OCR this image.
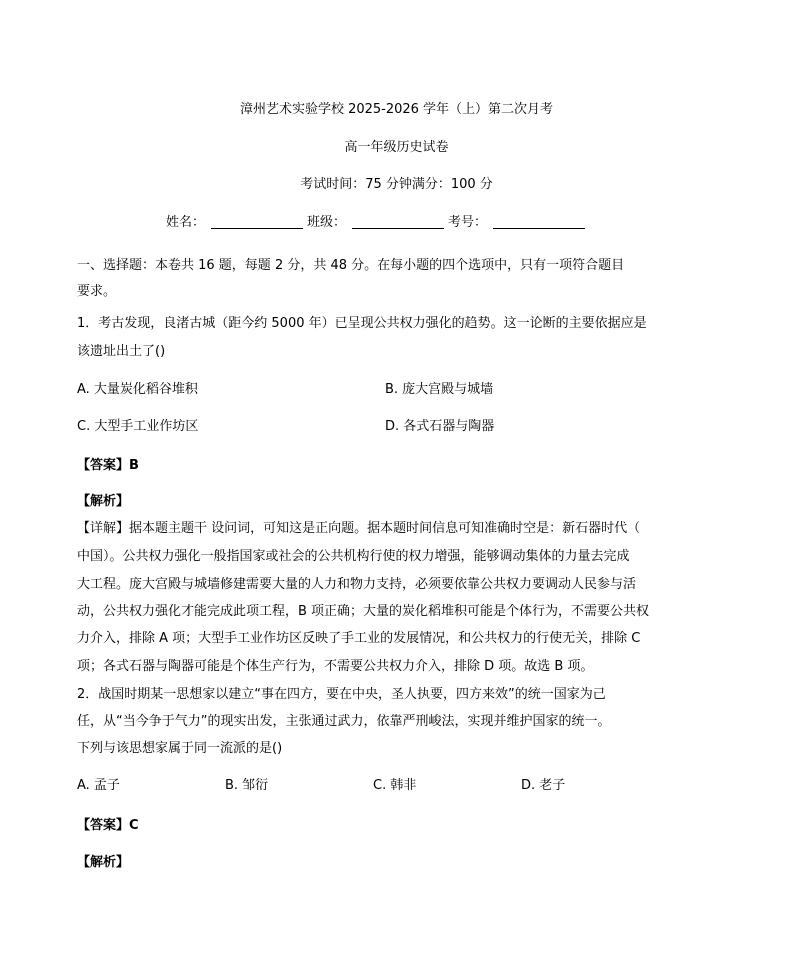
漳州艺术实验学校 2025-2026 学年（上）第二次月考
高一年级历史试卷
考试时间：75 分钟满分：100 分
姓名：	班级：	考号：
一、选择题：本卷共 16 题，每题 2 分，共 48 分。在每小题的四个选项中，只有一项符合题目
要求。
1．考古发现，良渚古城（距今约 5000 年）已呈现公共权力强化的趋势。这一论断的主要依据应是
该遗址出土了()
A. 大量炭化稻谷堆积	B. 庞大宫殿与城墙
C. 大型手工业作坊区	D. 各式石器与陶器
【答案】B
【解析】
【详解】据本题主题干 设问词，可知这是正向题。据本题时间信息可知准确时空是：新石器时代（
中国）。公共权力强化一般指国家或社会的公共机构行使的权力增强，能够调动集体的力量去完成
大工程。庞大宫殿与城墙修建需要大量的人力和物力支持，必须要依靠公共权力要调动人民参与活
动，公共权力强化才能完成此项工程，B 项正确；大量的炭化稻堆积可能是个体行为，不需要公共权
力介入，排除 A 项；大型手工业作坊区反映了手工业的发展情况，和公共权力的行使无关，排除 C
项；各式石器与陶器可能是个体生产行为，不需要公共权力介入，排除 D 项。故选 B 项。
2．战国时期某一思想家以建立“事在四方，要在中央，圣人执要，四方来效”的统一国家为己
任，从“当今争于气力”的现实出发，主张通过武力，依靠严刑峻法，实现并维护国家的统一。
下列与该思想家属于同一流派的是()
A. 孟子	B. 邹衍	C. 韩非	D. 老子
【答案】C
【解析】
